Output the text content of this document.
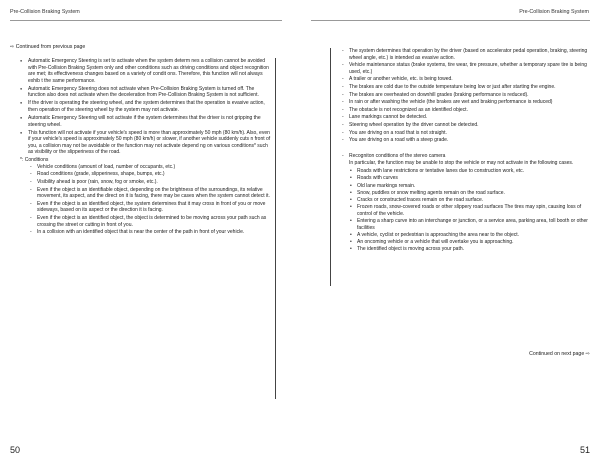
Pre-Collision Braking System	Pre-Collision Braking System
⇨ Continued from previous page
● Automatic Emergency Steering is set to activate when the system determ nes a collision cannot be avoided with Pre-Collision Braking System only and other conditions such as driving conditions and object recognition are met; its effectiveness changes based on a variety of condit ons. Therefore, this function will not always exhib t the same performance.
● Automatic Emergency Steering does not activate when Pre-Collision Braking System is turned off. The function also does not activate when the deceleration from Pre-Collision Braking System is not sufficient.
● If the driver is operating the steering wheel, and the system determines that the operation is evasive action, then operation of the steering wheel by the system may not activate.
● Automatic Emergency Steering will not activate if the system determines that the driver is not gripping the steering wheel.
● This function will not activate if your vehicle's speed is more than approximately 50 mph (80 km/h). Also, even if your vehicle's speed is approximately 50 mph (80 km/h) or slower, if another vehicle suddenly cuts n front of you, a collision may not be avoidable or the function may not activate depend ng on various conditions* such as visibility or the slipperiness of the road.
*: Conditions
- Vehicle conditions (amount of load, number of occupants, etc.)
- Road conditions (grade, slipperiness, shape, bumps, etc.)
- Visibility ahead is poor (rain, snow, fog or smoke, etc.).
- Even if the object is an identifiable object, depending on the brightness of the surroundings, its relative movement, its aspect, and the direct on it is facing, there may be cases when the system cannot detect it.
- Even if the object is an identified object, the system determines that it may cross in front of you or move sideways, based on its aspect or the direction it is facing.
- Even if the object is an identified object, the object is determined to be moving across your path such as crossing the street or cutting in front of you.
- In a collision with an identified object that is near the center of the path in front of your vehicle.
- The system determines that operation by the driver (based on accelerator pedal operation, braking, steering wheel angle, etc.) is intended as evasive action.
- Vehicle maintenance status (brake systems, tire wear, tire pressure, whether a temporary spare tire is being used, etc.)
- A trailer or another vehicle, etc. is being towed.
- The brakes are cold due to the outside temperature being low or just after starting the engine.
- The brakes are overheated on downhill grades (braking performance is reduced).
- In rain or after washing the vehicle (the brakes are wet and braking performance is reduced)
- The obstacle is not recognized as an identified object.
- Lane markings cannot be detected.
- Steering wheel operation by the driver cannot be detected.
- You are driving on a road that is not straight.
- You are driving on a road with a steep grade.
- Recogniton conditions of the stereo camera
In particular, the function may be unable to stop the vehicle or may not activate in the following cases.
• Roads with lane restrictions or tentative lanes due to construction work, etc.
• Roads with curves
• Old lane markings remain.
• Snow, puddles or snow melting agents remain on the road surface.
• Cracks or constructed traces remain on the road surface.
• Frozen roads, snow-covered roads or other slippery road surfaces The tires may spin, causing loss of control of the vehicle.
• Entering a sharp curve into an interchange or junction, or a service area, parking area, toll booth or other facilities
• A vehicle, cyclist or pedestrian is approaching the area near to the object.
• An oncoming vehicle or a vehicle that will overtake you is approaching.
• The identified object is moving across your path.
Continued on next page ⇨
50	51
